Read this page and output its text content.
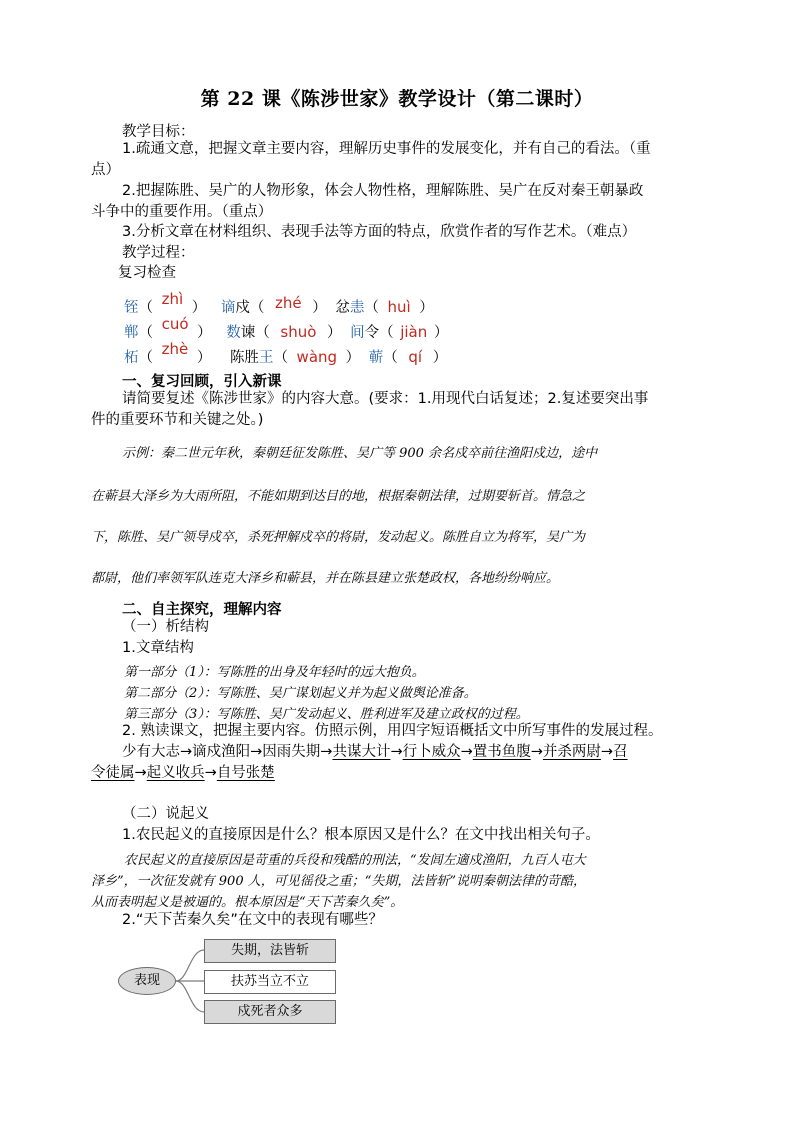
第 22 课《陈涉世家》教学设计（第二课时）
教学目标：
1.疏通文意，把握文章主要内容，理解历史事件的发展变化，并有自己的看法。（重
点）
2.把握陈胜、吴广的人物形象，体会人物性格，理解陈胜、吴广在反对秦王朝暴政
斗争中的重要作用。（重点）
3.分析文章在材料组织、表现手法等方面的特点，欣赏作者的写作艺术。（难点）
教学过程：
复习检查
铚（ zhì ） 谪戍（ zhé ） 忿恚（ huì ）
郸（ cuó ） 数谏（ shuò ） 间令（ jiàn ）
柘（ zhè ） 陈胜王（ wàng ） 蕲（ qí ）
一、复习回顾，引入新课
请简要复述《陈涉世家》的内容大意。(要求：1.用现代白话复述；2.复述要突出事
件的重要环节和关键之处。)
示例：秦二世元年秋，秦朝廷征发陈胜、吴广等 900 余名戍卒前往渔阳戍边，途中
在蕲县大泽乡为大雨所阻，不能如期到达目的地，根据秦朝法律，过期要斩首。情急之
下，陈胜、吴广领导戍卒，杀死押解戍卒的将尉，发动起义。陈胜自立为将军，吴广为
都尉，他们率领军队连克大泽乡和蕲县，并在陈县建立张楚政权，各地纷纷响应。
二、自主探究，理解内容
（一）析结构
1.文章结构
第一部分（1）：写陈胜的出身及年轻时的远大抱负。
第二部分（2）：写陈胜、吴广谋划起义并为起义做舆论准备。
第三部分（3）：写陈胜、吴广发动起义、胜利进军及建立政权的过程。
2. 熟读课文，把握主要内容。仿照示例，用四字短语概括文中所写事件的发展过程。
少有大志→谪戍渔阳→因雨失期→共谋大计→行卜威众→置书鱼腹→并杀两尉→召
令徒属→起义收兵→自号张楚
（二）说起义
1.农民起义的直接原因是什么？根本原因又是什么？在文中找出相关句子。
农民起义的直接原因是苛重的兵役和残酷的刑法，“发闾左適戍渔阳，九百人屯大
泽乡”，一次征发就有 900 人，可见徭役之重；“失期，法皆斩”说明秦朝法律的苛酷，
从而表明起义是被逼的。根本原因是“天下苦秦久矣”。
2.“天下苦秦久矣”在文中的表现有哪些？
表现
失期，法皆斩
扶苏当立不立
戍死者众多
